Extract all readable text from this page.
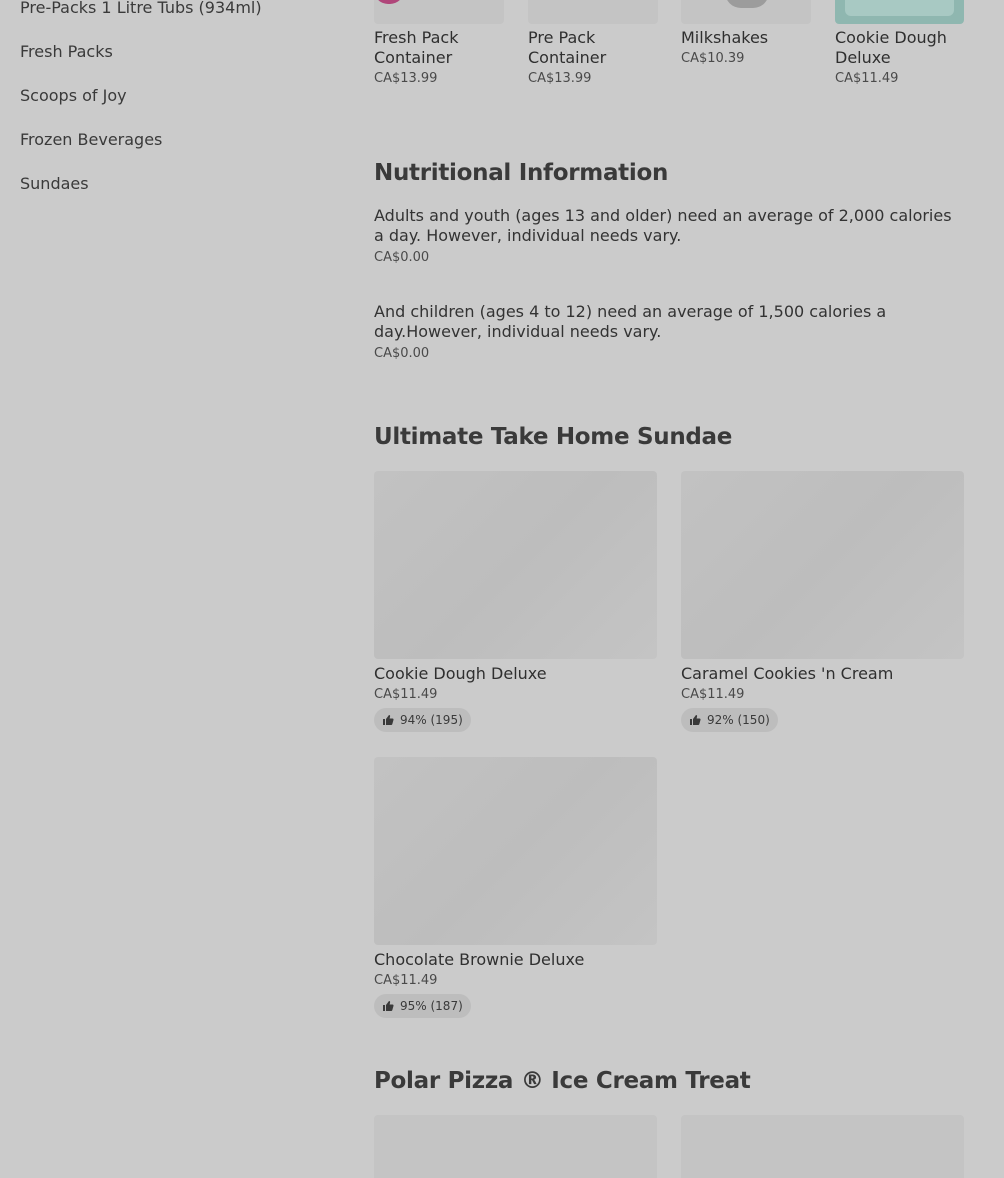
Pre-Packs 1 Litre Tubs (934ml)
Fresh Packs
Scoops of Joy
Frozen Beverages
Sundaes
Fresh Pack Container
CA$13.99
Pre Pack Container
CA$13.99
Milkshakes
CA$10.39
Cookie Dough Deluxe
CA$11.49
Nutritional Information
Adults and youth (ages 13 and older) need an average of 2,000 calories a day. However, individual needs vary.
CA$0.00
And children (ages 4 to 12) need an average of 1,500 calories a day.However, individual needs vary.
CA$0.00
Ultimate Take Home Sundae
Cookie Dough Deluxe
CA$11.49
94% (195)
Caramel Cookies 'n Cream
CA$11.49
92% (150)
Chocolate Brownie Deluxe
CA$11.49
95% (187)
Polar Pizza ® Ice Cream Treat
